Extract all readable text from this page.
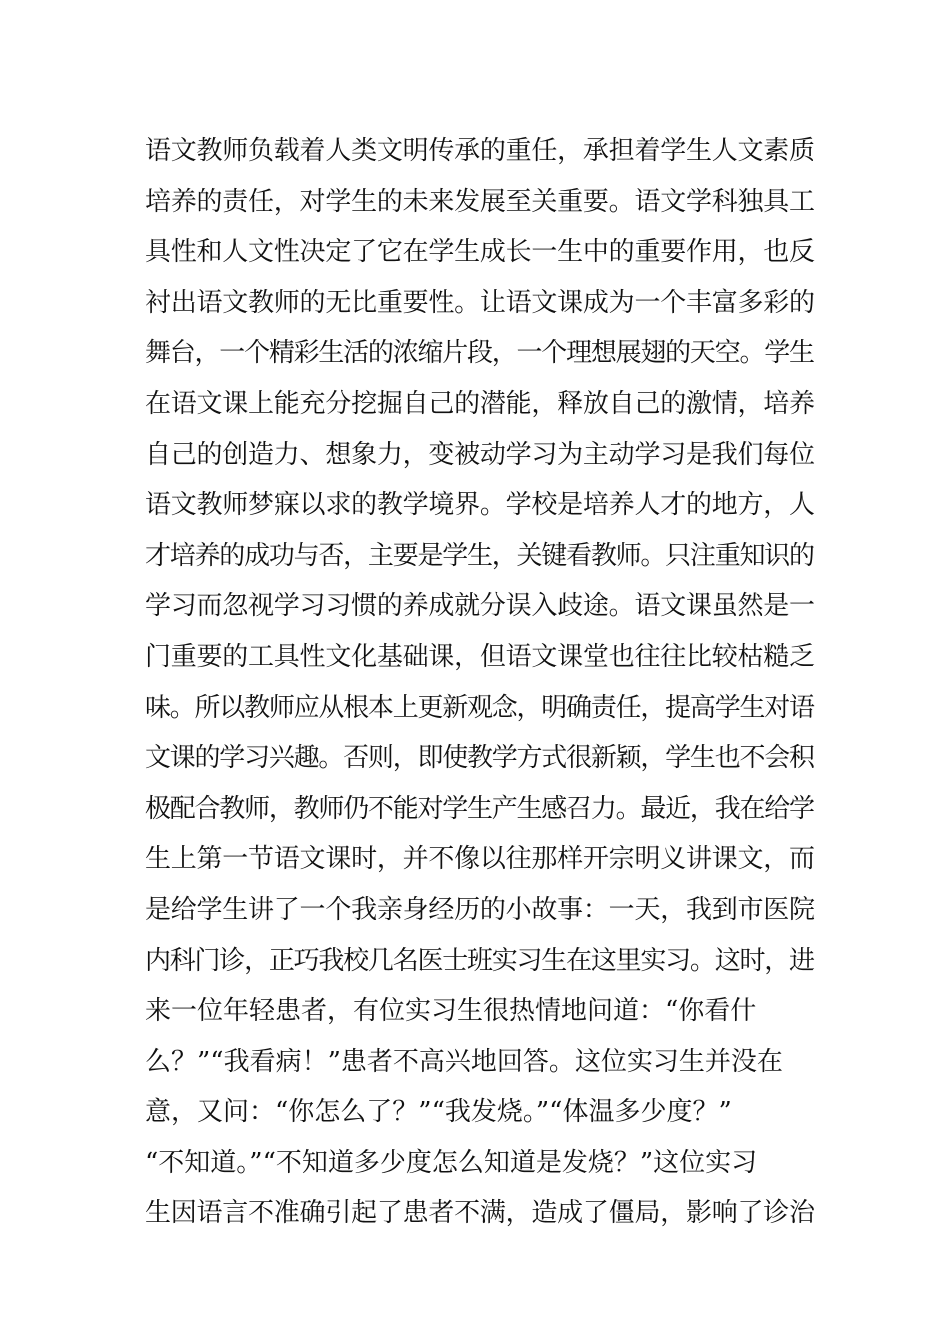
语文教师负载着人类文明传承的重任，承担着学生人文素质
培养的责任，对学生的未来发展至关重要。语文学科独具工
具性和人文性决定了它在学生成长一生中的重要作用，也反
衬出语文教师的无比重要性。让语文课成为一个丰富多彩的
舞台，一个精彩生活的浓缩片段，一个理想展翅的天空。学生
在语文课上能充分挖掘自己的潜能，释放自己的激情，培养
自己的创造力、想象力，变被动学习为主动学习是我们每位
语文教师梦寐以求的教学境界。学校是培养人才的地方，人
才培养的成功与否，主要是学生，关键看教师。只注重知识的
学习而忽视学习习惯的养成就分误入歧途。语文课虽然是一
门重要的工具性文化基础课，但语文课堂也往往比较枯糙乏
味。所以教师应从根本上更新观念，明确责任，提高学生对语
文课的学习兴趣。否则，即使教学方式很新颖，学生也不会积
极配合教师，教师仍不能对学生产生感召力。最近，我在给学
生上第一节语文课时，并不像以往那样开宗明义讲课文，而
是给学生讲了一个我亲身经历的小故事：一天，我到市医院
内科门诊，正巧我校几名医士班实习生在这里实习。这时，进
来一位年轻患者，有位实习生很热情地问道：“你看什
么？”“我看病！”患者不高兴地回答。这位实习生并没在
意，又问：“你怎么了？”“我发烧。”“体温多少度？”
“不知道。”“不知道多少度怎么知道是发烧？”这位实习
生因语言不准确引起了患者不满，造成了僵局，影响了诊治
